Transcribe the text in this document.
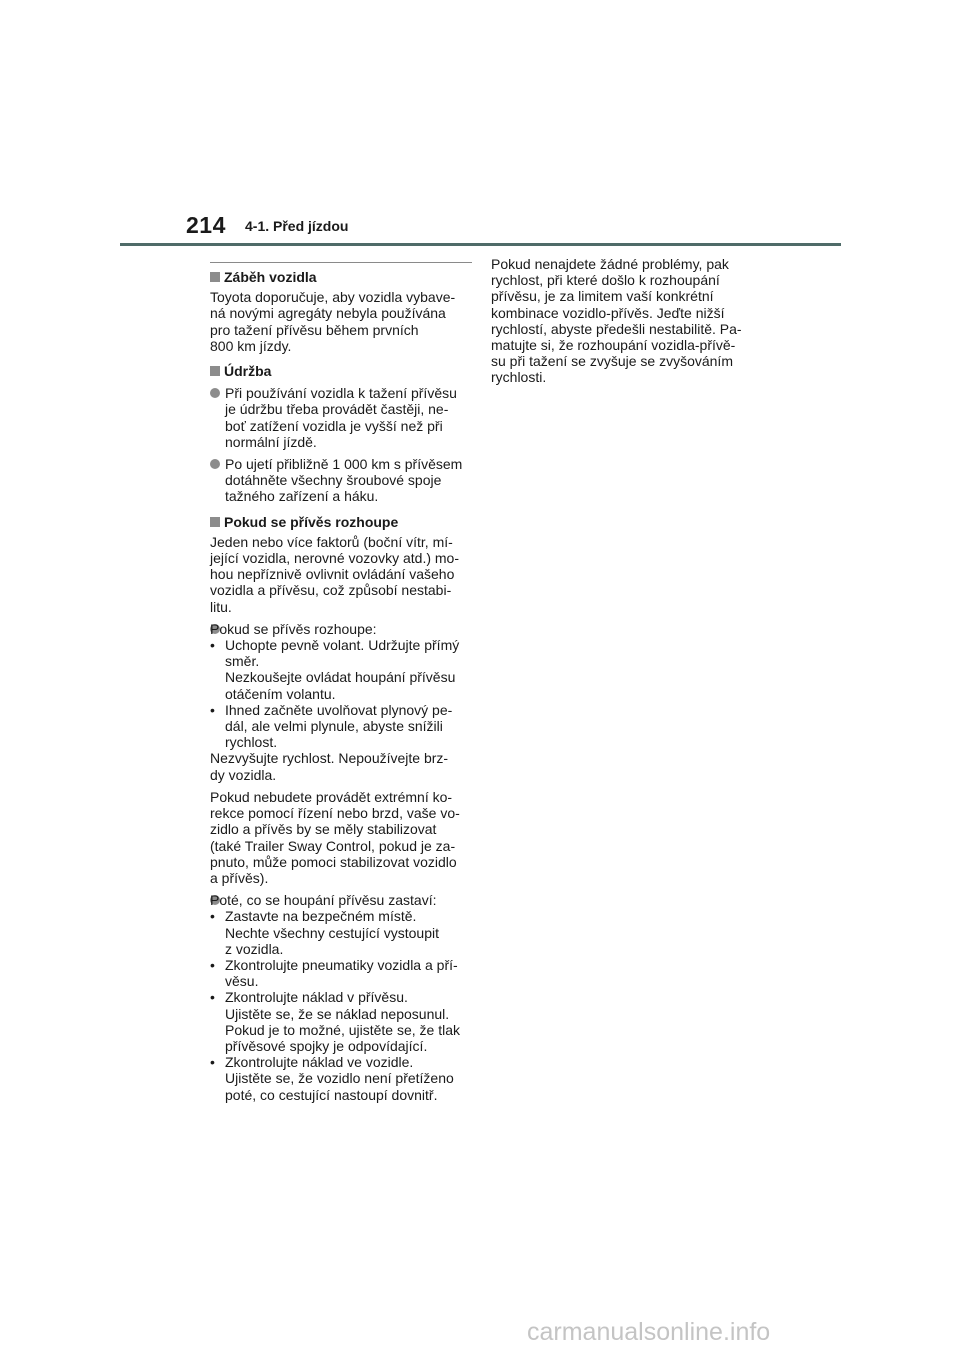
214 4-1. Před jízdou
Záběh vozidla
Toyota doporučuje, aby vozidla vybave-
ná novými agregáty nebyla používána
pro tažení přívěsu během prvních
800 km jízdy.
Údržba
Při používání vozidla k tažení přívěsu
je údržbu třeba provádět častěji, ne-
boť zatížení vozidla je vyšší než při
normální jízdě.
Po ujetí přibližně 1 000 km s přívěsem
dotáhněte všechny šroubové spoje
tažného zařízení a háku.
Pokud se přívěs rozhoupe
Jeden nebo více faktorů (boční vítr, mí-
jející vozidla, nerovné vozovky atd.) mo-
hou nepříznivě ovlivnit ovládání vašeho
vozidla a přívěsu, což způsobí nestabi-
litu.
Pokud se přívěs rozhoupe:
• Uchopte pevně volant. Udržujte přímý
směr.
Nezkoušejte ovládat houpání přívěsu
otáčením volantu.
• Ihned začněte uvolňovat plynový pe-
dál, ale velmi plynule, abyste snížili
rychlost.
Nezvyšujte rychlost. Nepoužívejte brz-
dy vozidla.
Pokud nebudete provádět extrémní ko-
rekce pomocí řízení nebo brzd, vaše vo-
zidlo a přívěs by se měly stabilizovat
(také Trailer Sway Control, pokud je za-
pnuto, může pomoci stabilizovat vozidlo
a přívěs).
Poté, co se houpání přívěsu zastaví:
• Zastavte na bezpečném místě.
Nechte všechny cestující vystoupit
z vozidla.
• Zkontrolujte pneumatiky vozidla a pří-
věsu.
• Zkontrolujte náklad v přívěsu.
Ujistěte se, že se náklad neposunul.
Pokud je to možné, ujistěte se, že tlak
přívěsové spojky je odpovídající.
• Zkontrolujte náklad ve vozidle.
Ujistěte se, že vozidlo není přetíženo
poté, co cestující nastoupí dovnitř.
Pokud nenajdete žádné problémy, pak
rychlost, při které došlo k rozhoupání
přívěsu, je za limitem vaší konkrétní
kombinace vozidlo-přívěs. Jeďte nižší
rychlostí, abyste předešli nestabilitě. Pa-
matujte si, že rozhoupání vozidla-přívě-
su při tažení se zvyšuje se zvyšováním
rychlosti.
carmanualsonline.info
